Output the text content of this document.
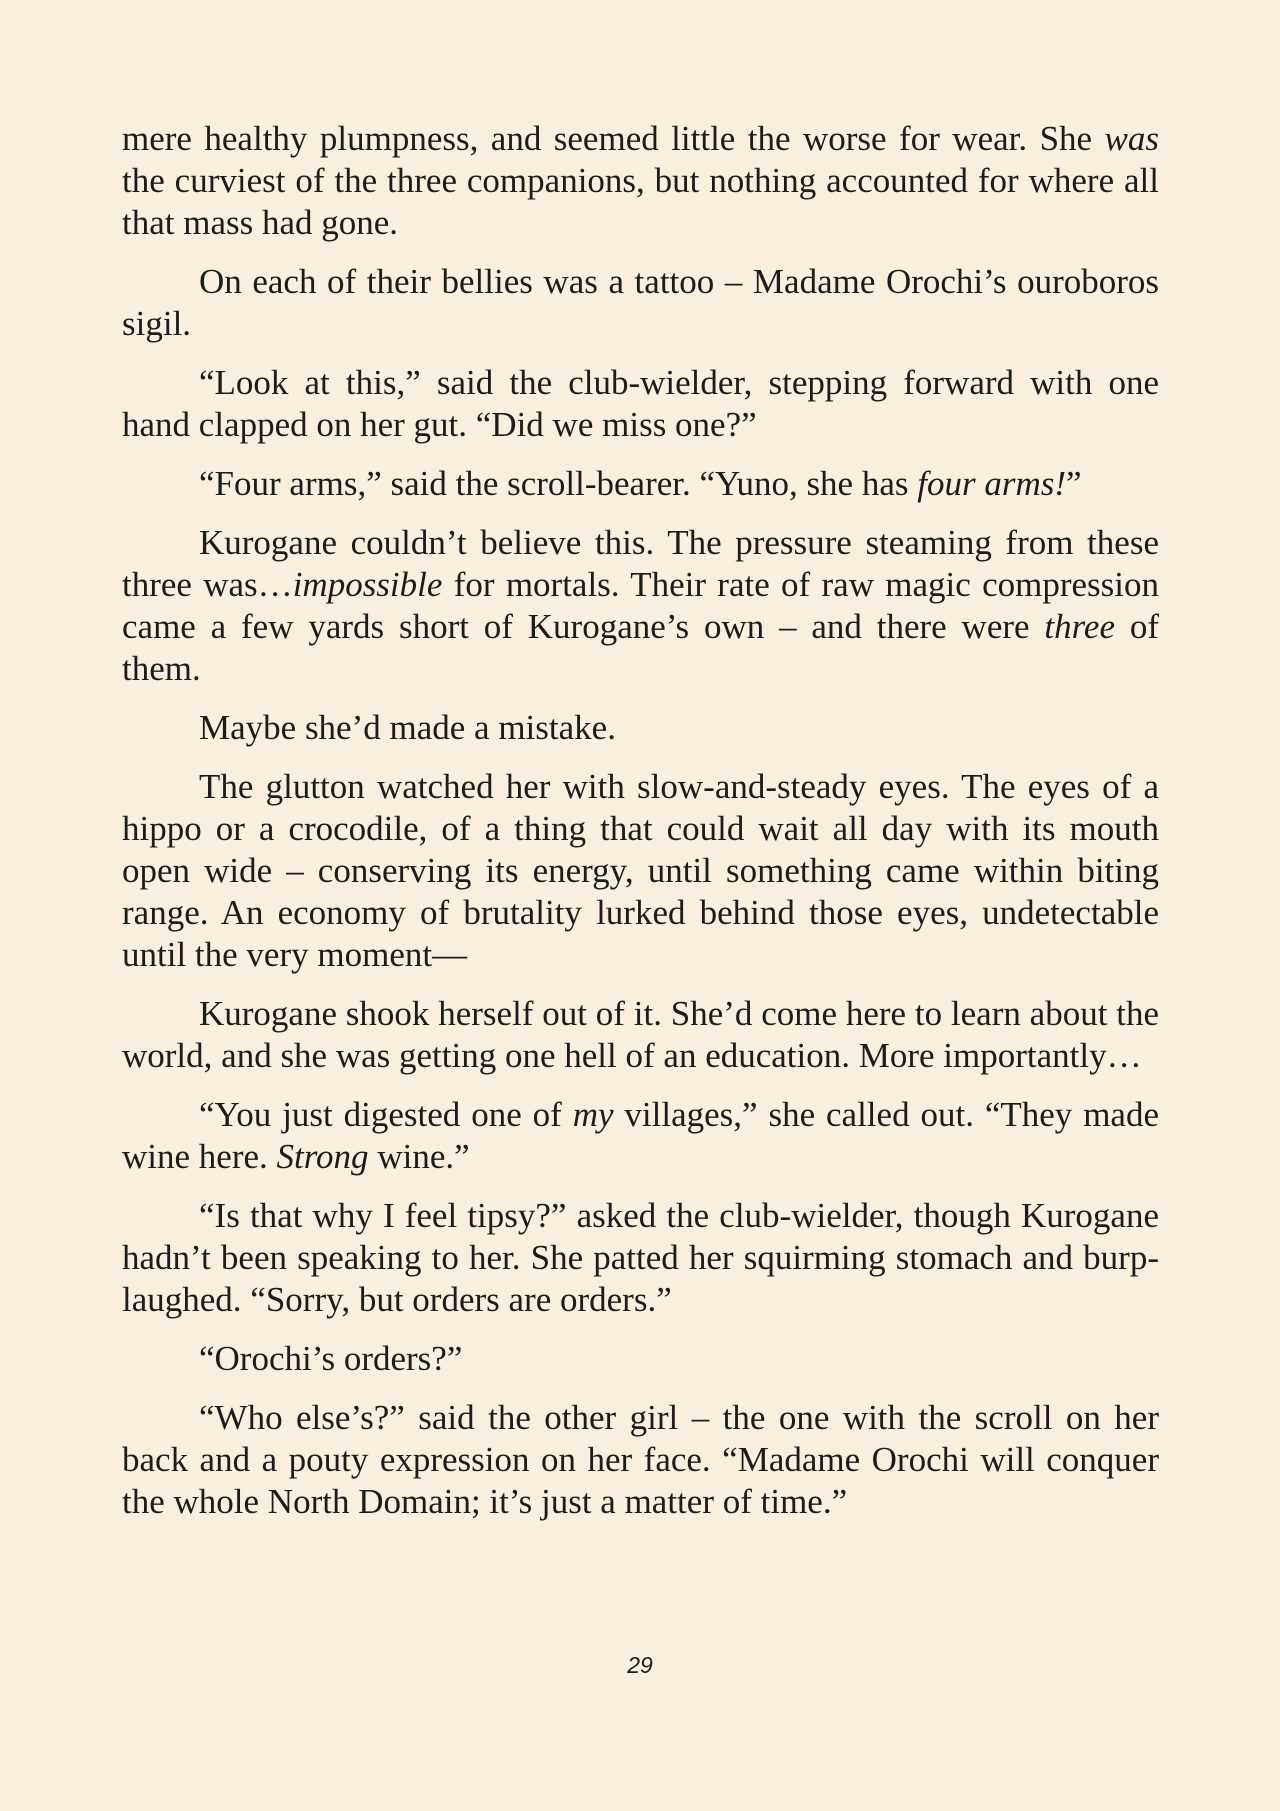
mere healthy plumpness, and seemed little the worse for wear. She was the curviest of the three companions, but nothing accounted for where all that mass had gone.

On each of their bellies was a tattoo – Madame Orochi’s ouroboros sigil.

“Look at this,” said the club-wielder, stepping forward with one hand clapped on her gut. “Did we miss one?”

“Four arms,” said the scroll-bearer. “Yuno, she has four arms!”

Kurogane couldn’t believe this. The pressure steaming from these three was…impossible for mortals. Their rate of raw magic compression came a few yards short of Kurogane’s own – and there were three of them.

Maybe she’d made a mistake.

The glutton watched her with slow-and-steady eyes. The eyes of a hippo or a crocodile, of a thing that could wait all day with its mouth open wide – conserving its energy, until something came within biting range. An economy of brutality lurked behind those eyes, undetectable until the very moment—

Kurogane shook herself out of it. She’d come here to learn about the world, and she was getting one hell of an education. More importantly…

“You just digested one of my villages,” she called out. “They made wine here. Strong wine.”

“Is that why I feel tipsy?” asked the club-wielder, though Kurogane hadn’t been speaking to her. She patted her squirming stomach and burp-laughed. “Sorry, but orders are orders.”

“Orochi’s orders?”

“Who else’s?” said the other girl – the one with the scroll on her back and a pouty expression on her face. “Madame Orochi will conquer the whole North Domain; it’s just a matter of time.”

29
